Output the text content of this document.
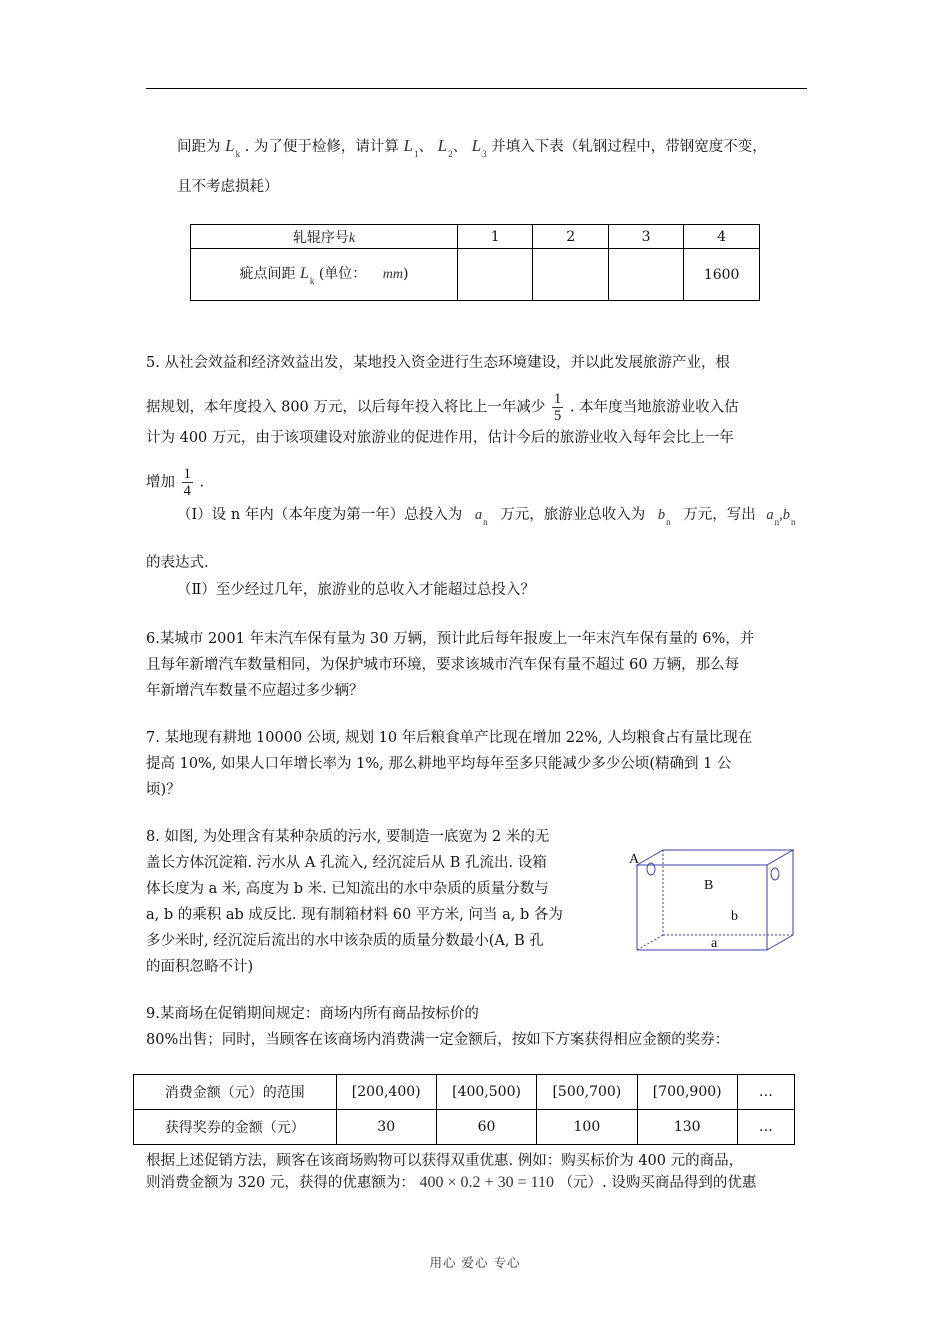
间距为 $L_k$ . 为了便于检修，请计算 $L_1$、 $L_2$、 $L_3$ 并填入下表（轧钢过程中，带钢宽度不变，
且不考虑损耗）
轧辊序号k	1	2	3	4
疵点间距 $L_k$ (单位： mm)				1600
5. 从社会效益和经济效益出发，某地投入资金进行生态环境建设，并以此发展旅游产业，根
据规划，本年度投入 800 万元，以后每年投入将比上一年减少 $\frac{1}{5}$ . 本年度当地旅游业收入估
计为 400 万元，由于该项建设对旅游业的促进作用，估计今后的旅游业收入每年会比上一年
增加 $\frac{1}{4}$ .
（Ⅰ）设 n 年内（本年度为第一年）总投入为 $a_n$ 万元，旅游业总收入为 $b_n$ 万元，写出 $a_n,b_n$
的表达式.
（Ⅱ）至少经过几年，旅游业的总收入才能超过总投入？
6.某城市 2001 年末汽车保有量为 30 万辆，预计此后每年报废上一年末汽车保有量的 6%，并
且每年新增汽车数量相同，为保护城市环境，要求该城市汽车保有量不超过 60 万辆，那么每
年新增汽车数量不应超过多少辆？
7. 某地现有耕地 10000 公顷, 规划 10 年后粮食单产比现在增加 22%, 人均粮食占有量比现在
提高 10%, 如果人口年增长率为 1%, 那么耕地平均每年至多只能减少多少公顷(精确到 1 公
顷)？
8. 如图, 为处理含有某种杂质的污水, 要制造一底宽为 2 米的无
盖长方体沉淀箱. 污水从 A 孔流入, 经沉淀后从 B 孔流出. 设箱
体长度为 a 米, 高度为 b 米. 已知流出的水中杂质的质量分数与
a, b 的乘积 ab 成反比. 现有制箱材料 60 平方米, 问当 a, b 各为
多少米时, 经沉淀后流出的水中该杂质的质量分数最小(A, B 孔
的面积忽略不计)
A
B
b
a
9.某商场在促销期间规定：商场内所有商品按标价的
80%出售；同时，当顾客在该商场内消费满一定金额后，按如下方案获得相应金额的奖券：
消费金额（元）的范围	[200,400)	[400,500)	[500,700)	[700,900)	…
获得奖券的金额（元）	30	60	100	130	…
根据上述促销方法，顾客在该商场购物可以获得双重优惠. 例如：购买标价为 400 元的商品，
则消费金额为 320 元，获得的优惠额为： 400 × 0.2 + 30 = 110 （元）. 设购买商品得到的优惠
用心 爱心 专心
